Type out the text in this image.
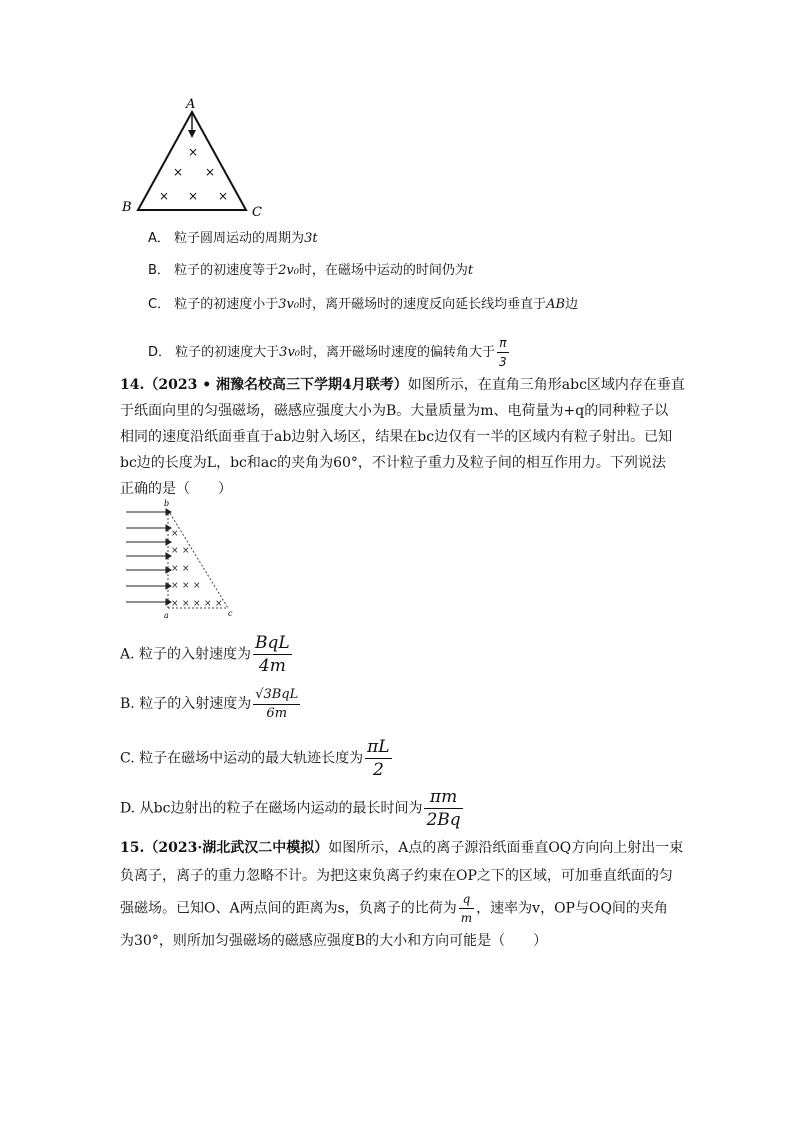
A
B	C
×
× ×
× × ×
A． 粒子圆周运动的周期为3t
B． 粒子的初速度等于2v₀时，在磁场中运动的时间仍为t
C． 粒子的初速度小于3v₀时，离开磁场时的速度反向延长线均垂直于AB边
D． 粒子的初速度大于3v₀时，离开磁场时速度的偏转角大于 $\frac{\pi}{3}$
14.（2023 • 湘豫名校高三下学期4月联考）如图所示，在直角三角形abc区域内存在垂直
于纸面向里的匀强磁场，磁感应强度大小为B。大量质量为m、电荷量为+q的同种粒子以
相同的速度沿纸面垂直于ab边射入场区，结果在bc边仅有一半的区域内有粒子射出。已知
bc边的长度为L，bc和ac的夹角为60°，不计粒子重力及粒子间的相互作用力。下列说法
正确的是（　　）
b
a	c
×
× ×
× ×
× × ×
× × × × ×
A. 粒子的入射速度为 $\frac{\text{BqL}}{4m}$
B. 粒子的入射速度为 $\frac{\text{√3BqL}}{6m}$
C. 粒子在磁场中运动的最大轨迹长度为 $\frac{\pi L}{2}$
D. 从bc边射出的粒子在磁场内运动的最长时间为 $\frac{\pi m}{2Bq}$
15.（2023·湖北武汉二中模拟）如图所示，A点的离子源沿纸面垂直OQ方向向上射出一束
负离子，离子的重力忽略不计。为把这束负离子约束在OP之下的区域，可加垂直纸面的匀
强磁场。已知O、A两点间的距离为s，负离子的比荷为 $\frac{q}{m}$ ，速率为v，OP与OQ间的夹角
为30°，则所加匀强磁场的磁感应强度B的大小和方向可能是（　　）
